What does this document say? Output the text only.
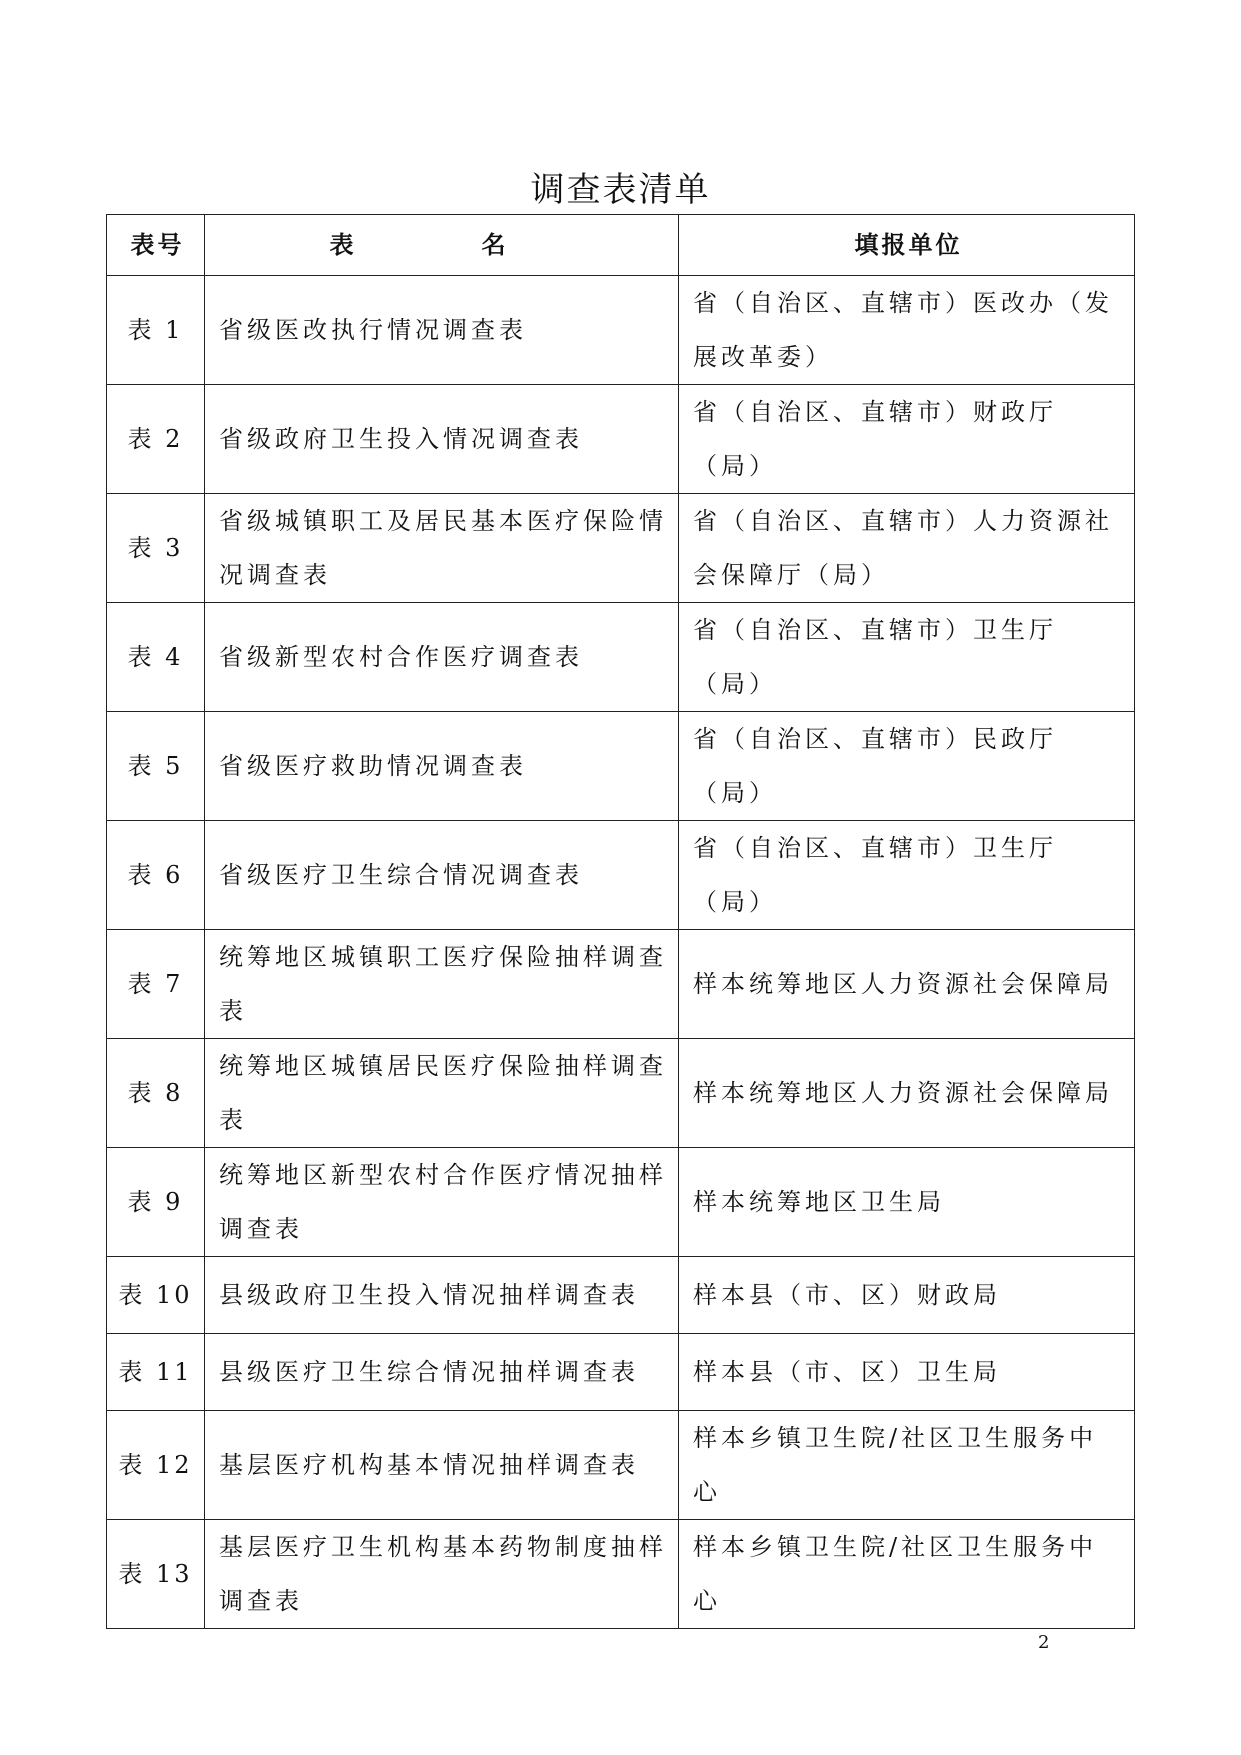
调查表清单
表号	表　名	填报单位
表 1	省级医改执行情况调查表	省（自治区、直辖市）医改办（发展改革委）
表 2	省级政府卫生投入情况调查表	省（自治区、直辖市）财政厅（局）
表 3	省级城镇职工及居民基本医疗保险情况调查表	省（自治区、直辖市）人力资源社会保障厅（局）
表 4	省级新型农村合作医疗调查表	省（自治区、直辖市）卫生厅（局）
表 5	省级医疗救助情况调查表	省（自治区、直辖市）民政厅（局）
表 6	省级医疗卫生综合情况调查表	省（自治区、直辖市）卫生厅（局）
表 7	统筹地区城镇职工医疗保险抽样调查表	样本统筹地区人力资源社会保障局
表 8	统筹地区城镇居民医疗保险抽样调查表	样本统筹地区人力资源社会保障局
表 9	统筹地区新型农村合作医疗情况抽样调查表	样本统筹地区卫生局
表 10	县级政府卫生投入情况抽样调查表	样本县（市、区）财政局
表 11	县级医疗卫生综合情况抽样调查表	样本县（市、区）卫生局
表 12	基层医疗机构基本情况抽样调查表	样本乡镇卫生院/社区卫生服务中心
表 13	基层医疗卫生机构基本药物制度抽样调查表	样本乡镇卫生院/社区卫生服务中心
2
